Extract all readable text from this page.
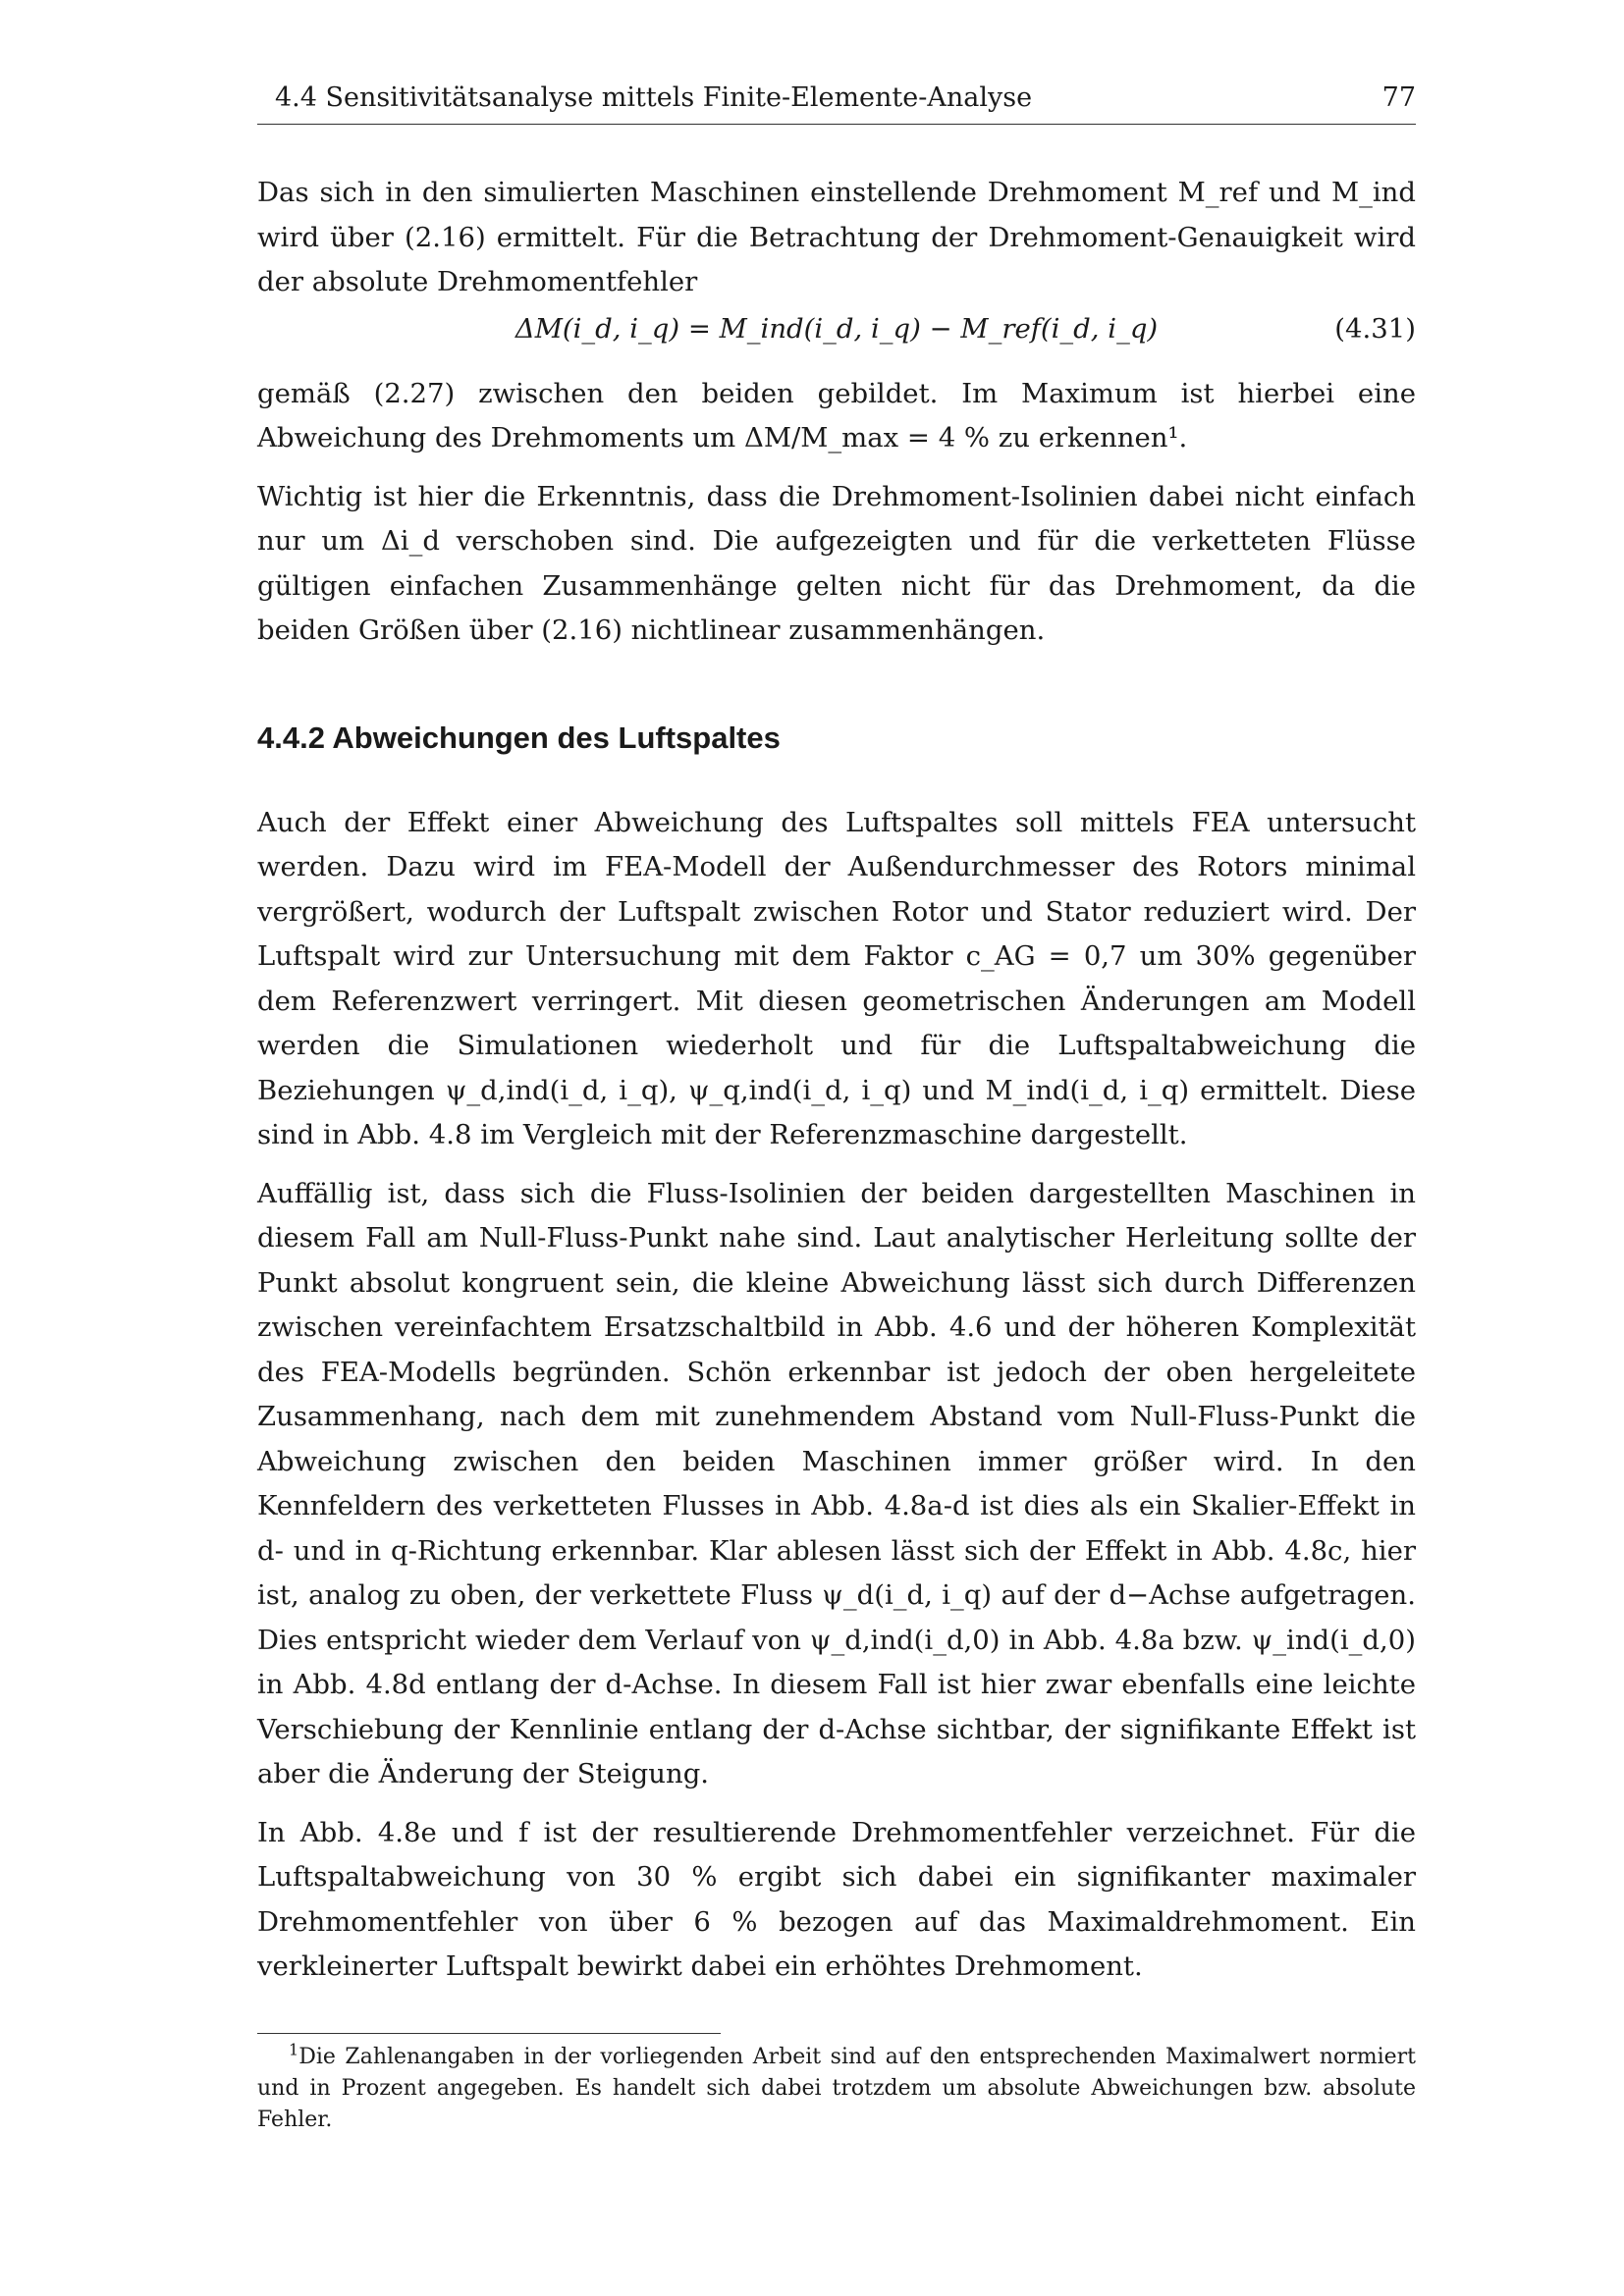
4.4 Sensitivitätsanalyse mittels Finite-Elemente-Analyse	77

Das sich in den simulierten Maschinen einstellende Drehmoment M_ref und M_ind wird über (2.16) ermittelt. Für die Betrachtung der Drehmoment-Genauigkeit wird der absolute Drehmomentfehler

ΔM(i_d, i_q) = M_ind(i_d, i_q) − M_ref(i_d, i_q)	(4.31)

gemäß (2.27) zwischen den beiden gebildet. Im Maximum ist hierbei eine Abweichung des Drehmoments um ΔM/M_max = 4 % zu erkennen¹.

Wichtig ist hier die Erkenntnis, dass die Drehmoment-Isolinien dabei nicht einfach nur um Δi_d verschoben sind. Die aufgezeigten und für die verketteten Flüsse gültigen einfachen Zusammenhänge gelten nicht für das Drehmoment, da die beiden Größen über (2.16) nichtlinear zusammenhängen.

4.4.2 Abweichungen des Luftspaltes

Auch der Effekt einer Abweichung des Luftspaltes soll mittels FEA untersucht werden. Dazu wird im FEA-Modell der Außendurchmesser des Rotors minimal vergrößert, wodurch der Luftspalt zwischen Rotor und Stator reduziert wird. Der Luftspalt wird zur Untersuchung mit dem Faktor c_AG = 0,7 um 30% gegenüber dem Referenzwert verringert. Mit diesen geometrischen Änderungen am Modell werden die Simulationen wiederholt und für die Luftspaltabweichung die Beziehungen ψ_d,ind(i_d, i_q), ψ_q,ind(i_d, i_q) und M_ind(i_d, i_q) ermittelt. Diese sind in Abb. 4.8 im Vergleich mit der Referenzmaschine dargestellt.

Auffällig ist, dass sich die Fluss-Isolinien der beiden dargestellten Maschinen in diesem Fall am Null-Fluss-Punkt nahe sind. Laut analytischer Herleitung sollte der Punkt absolut kongruent sein, die kleine Abweichung lässt sich durch Differenzen zwischen vereinfachtem Ersatzschaltbild in Abb. 4.6 und der höheren Komplexität des FEA-Modells begründen. Schön erkennbar ist jedoch der oben hergeleitete Zusammenhang, nach dem mit zunehmendem Abstand vom Null-Fluss-Punkt die Abweichung zwischen den beiden Maschinen immer größer wird. In den Kennfeldern des verketteten Flusses in Abb. 4.8a-d ist dies als ein Skalier-Effekt in d- und in q-Richtung erkennbar. Klar ablesen lässt sich der Effekt in Abb. 4.8c, hier ist, analog zu oben, der verkettete Fluss ψ_d(i_d, i_q) auf der d−Achse aufgetragen. Dies entspricht wieder dem Verlauf von ψ_d,ind(i_d,0) in Abb. 4.8a bzw. ψ_ind(i_d,0) in Abb. 4.8d entlang der d-Achse. In diesem Fall ist hier zwar ebenfalls eine leichte Verschiebung der Kennlinie entlang der d-Achse sichtbar, der signifikante Effekt ist aber die Änderung der Steigung.

In Abb. 4.8e und f ist der resultierende Drehmomentfehler verzeichnet. Für die Luftspaltabweichung von 30 % ergibt sich dabei ein signifikanter maximaler Drehmomentfehler von über 6 % bezogen auf das Maximaldrehmoment. Ein verkleinerter Luftspalt bewirkt dabei ein erhöhtes Drehmoment.

$^1$Die Zahlenangaben in der vorliegenden Arbeit sind auf den entsprechenden Maximalwert normiert und in Prozent angegeben. Es handelt sich dabei trotzdem um absolute Abweichungen bzw. absolute Fehler.
